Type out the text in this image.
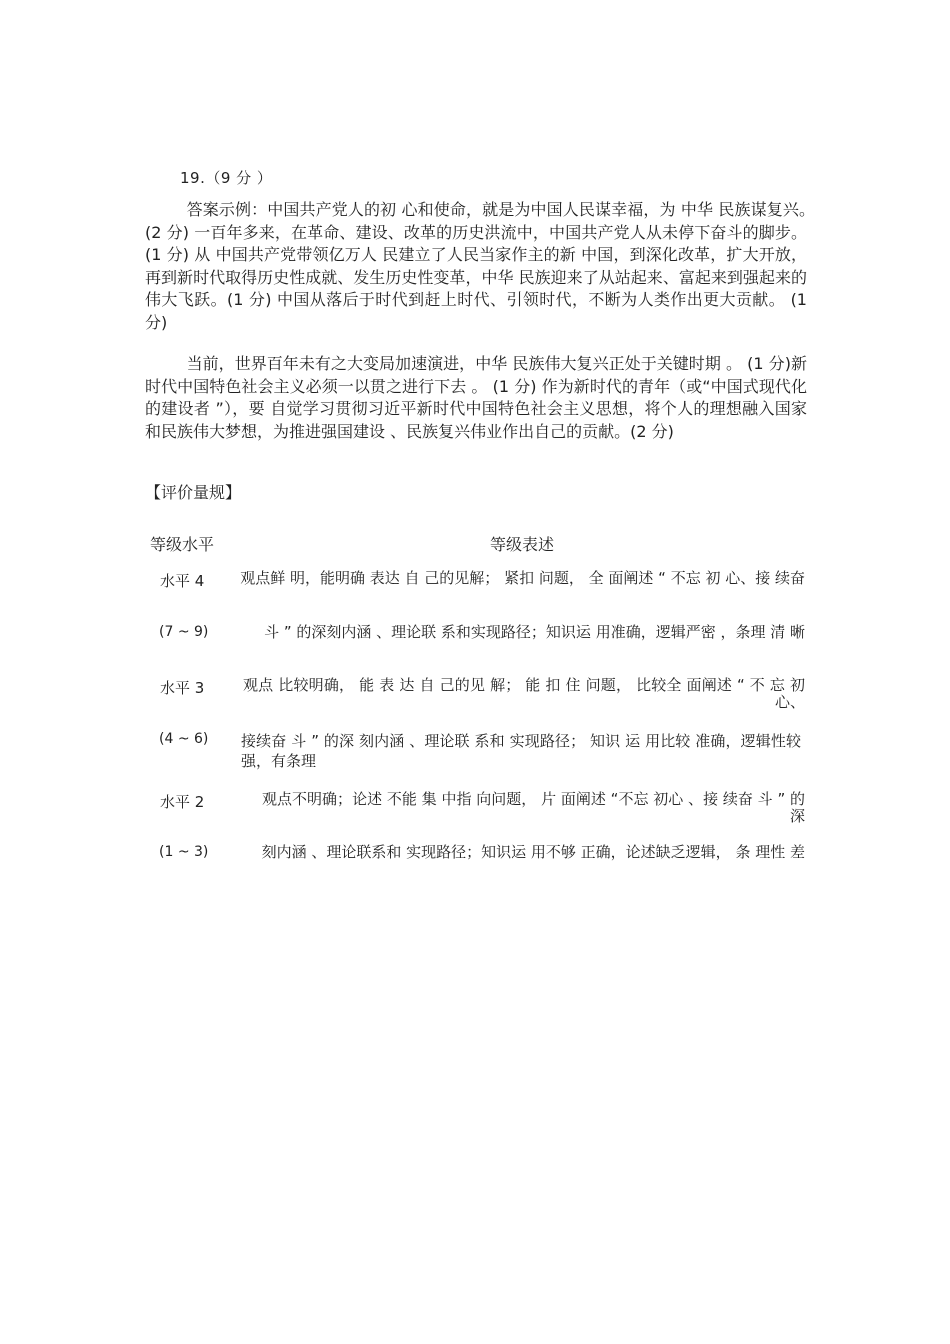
19.（9 分 ）
答案示例：中国共产党人的初 心和使命，就是为中国人民谋幸福，为 中华 民族谋复兴。　　　(2 分) 一百年多来，在革命、建设、改革的历史洪流中，中国共产党人从未停下奋斗的脚步。 (1 分) 从 中国共产党带领亿万人 民建立了人民当家作主的新 中国，到深化改革，扩大开放，再到新时代取得历史性成就、发生历史性变革，中华 民族迎来了从站起来、富起来到强起来的伟大飞跃。(1 分) 中国从落后于时代到赶上时代、引领时代，不断为人类作出更大贡献。 (1 分)
当前，世界百年未有之大变局加速演进，中华 民族伟大复兴正处于关键时期 。 (1 分)新时代中国特色社会主义必须一以贯之进行下去 。 (1 分) 作为新时代的青年（或“中国式现代化的建设者 ”），要 自觉学习贯彻习近平新时代中国特色社会主义思想，将个人的理想融入国家和民族伟大梦想，为推进强国建设 、民族复兴伟业作出自己的贡献。(2 分)
【评价量规】
等级水平	等级表述
水平 4	观点鲜 明，能明确 表达 自 己的见解； 紧扣 问题， 全 面阐述 “ 不忘 初 心、接 续奋
(7 ~ 9)	斗 ” 的深刻内涵 、理论联 系和实现路径；知识运 用准确，逻辑严密 ，条理 清 晰
水平 3	观点 比较明确， 能 表 达 自 己的见 解； 能 扣 住 问题， 比较全 面阐述 “ 不 忘 初心、
(4 ~ 6) 接续奋 斗 ” 的深 刻内涵 、理论联 系和 实现路径； 知识 运 用比较 准确，逻辑性较强，有条理
水平 2	观点不明确；论述 不能 集 中指 向问题， 片 面阐述 “不忘 初心 、接 续奋 斗 ” 的深
(1 ~ 3)	刻内涵 、理论联系和 实现路径；知识运 用不够 正确，论述缺乏逻辑， 条 理性 差
